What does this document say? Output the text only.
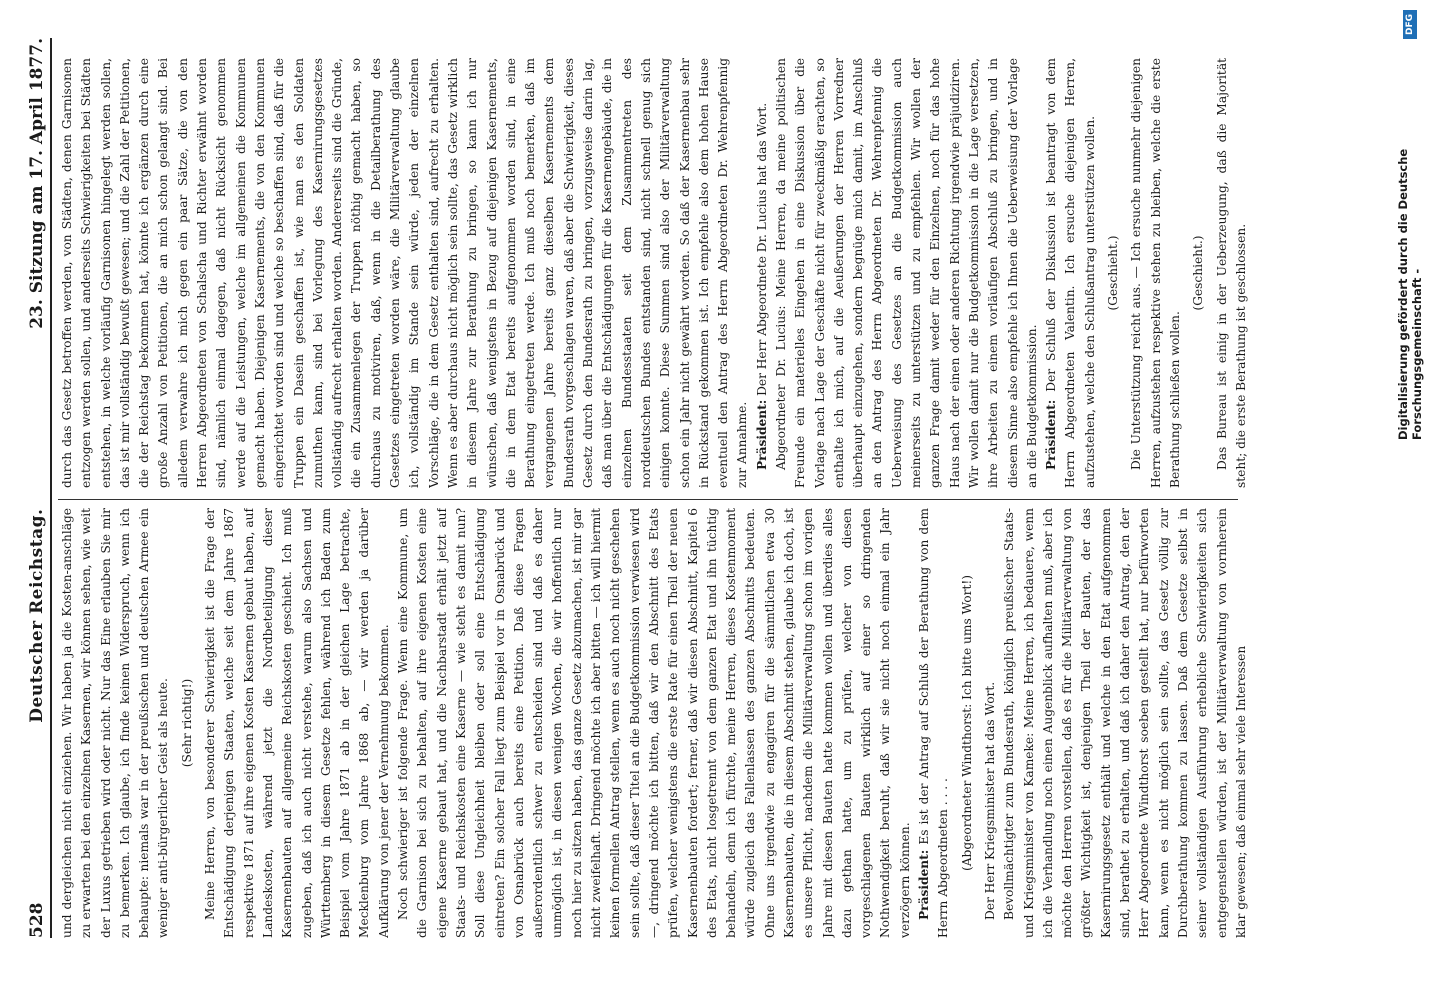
528
Deutscher Reichstag.
23. Sitzung am 17. April 1877.

und dergleichen nicht einziehen. Wir haben ja die Kosten-anschläge zu erwarten bei den einzelnen Kasernen, wir können sehen, wie weit der Luxus getrieben wird oder nicht. Nur das Eine erlauben Sie mir zu bemerken. Ich glaube, ich finde keinen Widerspruch, wenn ich behaupte: niemals war in der preußischen und deutschen Armee ein weniger anti-bürgerlicher Geist als heute. (Sehr richtig!) Meine Herren, von besonderer Schwierigkeit ist die Frage der Entschädigung derjenigen Staaten, welche seit dem Jahre 1867 respektive 1871 auf ihre eigenen Kosten Kasernen gebaut haben, auf Landeskosten, während jetzt die Nordbeteiligung dieser Kasernenbauten auf allgemeine Reichskosten geschieht. Ich muß zugeben, daß ich auch nicht verstehe, warum also Sachsen und Württemberg in diesem Gesetze fehlen, während ich Baden zum Beispiel vom Jahre 1871 ab in der gleichen Lage betrachte, Mecklenburg vom Jahre 1868 ab, — wir werden ja darüber Aufklärung von jener der Vernehmung bekommen. Noch schwieriger ist folgende Frage. Wenn eine Kommune, um die Garnison bei sich zu behalten, auf ihre eigenen Kosten eine eigene Kaserne gebaut hat, und die Nachbarstadt erhält jetzt auf Staats- und Reichskosten eine Kaserne — wie steht es damit nun? Soll diese Ungleichheit bleiben oder soll eine Entschädigung eintreten? Ein solcher Fall liegt zum Beispiel vor in Osnabrück und von Osnabrück auch bereits eine Petition. Daß diese Fragen außerordentlich schwer zu entscheiden sind und daß es daher unmöglich ist, in diesen wenigen Wochen, die wir hoffentlich nur noch hier zu sitzen haben, das ganze Gesetz abzumachen, ist mir gar nicht zweifelhaft. Dringend möchte ich aber bitten — ich will hiermit keinen formellen Antrag stellen, wenn es auch noch nicht geschehen sein sollte, daß dieser Titel an die Budgetkommission verwiesen wird —, dringend möchte ich bitten, daß wir den Abschnitt des Etats prüfen, welcher wenigstens die erste Rate für einen Theil der neuen Kasernenbauten fordert; ferner, daß wir diesen Abschnitt, Kapitel 6 des Etats, nicht losgetrennt von dem ganzen Etat und ihn tüchtig behandeln, denn ich fürchte, meine Herren, dieses Kostenmoment würde zugleich das Fallenlassen des ganzen Abschnitts bedeuten. Ohne uns irgendwie zu engagiren für die sämmtlichen etwa 30 Kasernenbauten, die in diesem Abschnitt stehen, glaube ich doch, ist es unsere Pflicht, nachdem die Militärverwaltung schon im vorigen Jahre mit diesen Bauten hatte kommen wollen und überdies alles dazu gethan hatte, um zu prüfen, welcher von diesen vorgeschlagenen Bauten wirklich auf einer so dringenden Nothwendigkeit beruht, daß wir sie nicht noch einmal ein Jahr verzögern können. Präsident: Es ist der Antrag auf Schluß der Berathung von dem Herrn Abgeordneten . . . . (Abgeordneter Windthorst: Ich bitte ums Wort!) Der Herr Kriegsminister hat das Wort. Bevollmächtigter zum Bundesrath, königlich preußischer Staats- und Kriegsminister von Kameke: Meine Herren, ich bedauere, wenn ich die Verhandlung noch einen Augenblick aufhalten muß, aber ich möchte den Herren vorstellen, daß es für die Militärverwaltung von größter Wichtigkeit ist, denjenigen Theil der Bauten, der das Kasernirungsgesetz enthält und welche in den Etat aufgenommen sind, berathet zu erhalten, und daß ich daher den Antrag, den der Herr Abgeordnete Windthorst soeben gestellt hat, nur befürworten kann, wenn es nicht möglich sein sollte, das Gesetz völlig zur Durchberathung kommen zu lassen. Daß dem Gesetze selbst in seiner vollständigen Ausführung erhebliche Schwierigkeiten sich entgegenstellen würden, ist der Militärverwaltung von vornherein klar gewesen; daß einmal sehr viele Interessen

durch das Gesetz betroffen werden, von Städten, denen Garnisonen entzogen werden sollen, und anderseits Schwierigkeiten bei Städten entstehen, in welche vorläufig Garnisonen hingelegt werden sollen, das ist mir vollständig bewußt gewesen; und die Zahl der Petitionen, die der Reichstag bekommen hat, könnte ich ergänzen durch eine große Anzahl von Petitionen, die an mich schon gelangt sind. Bei alledem verwahre ich mich gegen ein paar Sätze, die von den Herren Abgeordneten von Schalscha und Richter erwähnt worden sind, nämlich einmal dagegen, daß nicht Rücksicht genommen werde auf die Leistungen, welche im allgemeinen die Kommunen gemacht haben. Diejenigen Kasernements, die von den Kommunen eingerichtet worden sind und welche so beschaffen sind, daß für die Truppen ein Dasein geschaffen ist, wie man es den Soldaten zumuthen kann, sind bei Vorlegung des Kasernirungsgesetzes vollständig aufrecht erhalten worden. Andererseits sind die Gründe, die ein Zusammenlegen der Truppen nöthig gemacht haben, so durchaus zu motiviren, daß, wenn in die Detailberathung des Gesetzes eingetreten worden wäre, die Militärverwaltung glaube ich, vollständig im Stande sein würde, jeden der einzelnen Vorschläge, die in dem Gesetz enthalten sind, aufrecht zu erhalten. Wenn es aber durchaus nicht möglich sein sollte, das Gesetz wirklich in diesem Jahre zur Berathung zu bringen, so kann ich nur wünschen, daß wenigstens in Bezug auf diejenigen Kasernements, die in dem Etat bereits aufgenommen worden sind, in eine Berathung eingetreten werde. Ich muß noch bemerken, daß im vergangenen Jahre bereits ganz dieselben Kasernements dem Bundesrath vorgeschlagen waren, daß aber die Schwierigkeit, dieses Gesetz durch den Bundesrath zu bringen, vorzugsweise darin lag, daß man über die Entschädigungen für die Kasernengebäude, die in einzelnen Bundesstaaten seit dem Zusammentreten des norddeutschen Bundes entstanden sind, nicht schnell genug sich einigen konnte. Diese Summen sind also der Militärverwaltung schon ein Jahr nicht gewährt worden. So daß der Kasernenbau sehr in Rückstand gekommen ist. Ich empfehle also dem hohen Hause eventuell den Antrag des Herrn Abgeordneten Dr. Wehrenpfennig zur Annahme. Präsident: Der Herr Abgeordnete Dr. Lucius hat das Wort. Abgeordneter Dr. Lucius: Meine Herren, da meine politischen Freunde ein materielles Eingehen in eine Diskussion über die Vorlage nach Lage der Geschäfte nicht für zweckmäßig erachten, so enthalte ich mich, auf die Aeußerungen der Herren Vorredner überhaupt einzugehen, sondern begnüge mich damit, im Anschluß an den Antrag des Herrn Abgeordneten Dr. Wehrenpfennig die Ueberweisung des Gesetzes an die Budgetkommission auch meinerseits zu unterstützen und zu empfehlen. Wir wollen der ganzen Frage damit weder für den Einzelnen, noch für das hohe Haus nach der einen oder anderen Richtung irgendwie präjudiziren. Wir wollen damit nur die Budgetkommission in die Lage versetzen, ihre Arbeiten zu einem vorläufigen Abschluß zu bringen, und in diesem Sinne also empfehle ich Ihnen die Ueberweisung der Vorlage an die Budgetkommission. Präsident: Der Schluß der Diskussion ist beantragt von dem Herrn Abgeordneten Valentin. Ich ersuche diejenigen Herren, aufzustehen, welche den Schlußantrag unterstützen wollen. (Geschieht.) Die Unterstützung reicht aus. — Ich ersuche nunmehr diejenigen Herren, aufzustehen respektive stehen zu bleiben, welche die erste Berathung schließen wollen.

(Geschieht.) Das Bureau ist einig in der Ueberzeugung, daß die Majorität steht; die erste Berathung ist geschlossen.	Digitalisierung gefördert durch die Deutsche Forschungsgemeinschaft -
DFG
